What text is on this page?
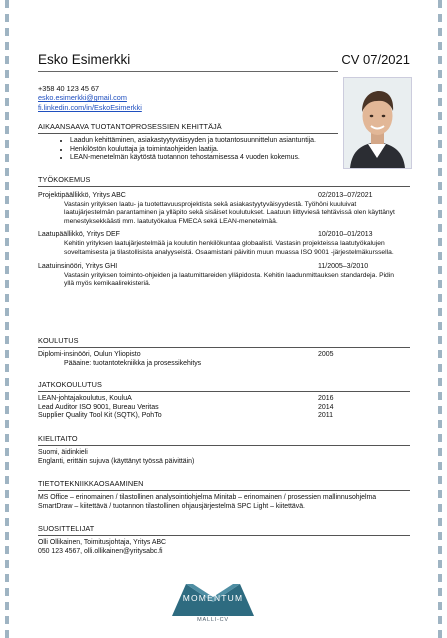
Esko Esimerkki	CV 07/2021
+358 40 123 45 67
esko.esimerkki@gmail.com
fi.linkedin.com/in/EskoEsimerkki
AIKAANSAAVA TUOTANTOPROSESSIEN KEHITTÄJÄ
• Laadun kehittäminen, asiakastyytyväisyyden ja tuotantosuunnittelun asiantuntija.
• Henkilöstön kouluttaja ja toimintaohjeiden laatija.
• LEAN-menetelmän käytöstä tuotannon tehostamisessa 4 vuoden kokemus.
TYÖKOKEMUS
Projektipäällikkö, Yritys ABC	02/2013–07/2021
Vastasin yrityksen laatu- ja tuotettavuusprojektista sekä asiakastyytyväisyydestä. Työhöni kuuluivat laatujärjestelmän parantaminen ja ylläpito sekä sisäiset koulutukset. Laatuun liittyviesä tehtävissä olen käyttänyt menestyksekkäästi mm. laatutyökalua FMECA sekä LEAN-menetelmää.
Laatupäällikkö, Yritys DEF	10/2010–01/2013
Kehitin yrityksen laatujärjestelmää ja koulutin henkilökuntaa globaalisti. Vastasin projekteissa laatutyökalujen soveltamisesta ja tilastollisista analyyseistä. Osaamistani päivitin muun muassa ISO 9001 -järjestelmäkurssella.
Laatuinsinööri, Yritys GHI	11/2005–3/2010
Vastasin yrityksen toiminto-ohjeiden ja laatumittareiden ylläpidosta. Kehitin laadunmittauksen standardeja. Pidin yllä myös kemikaalirekisteriä.
KOULUTUS
Diplomi-insinööri, Oulun Yliopisto	2005
Pääaine: tuotantotekniikka ja prosessikehitys
JATKOKOULUTUS
LEAN-johtajakoulutus, KouluA	2016
Lead Auditor ISO 9001, Bureau Veritas	2014
Supplier Quality Tool Kit (SQTK), PohTo	2011
KIELITAITO
Suomi, äidinkieli
Englanti, erittäin sujuva (käyttänyt työssä päivittäin)
TIETOTEKNIIKKAOSAAMINEN
MS Office – erinomainen / tilastollinen analysointiohjelma Minitab – erinomainen / prosessien mallinnusohjelma
SmartDraw – kiitettävä / tuotannon tilastollinen ohjausjärjestelmä SPC Light – kiitettävä.
SUOSITTELIJAT
Olli Ollikainen, Toimitusjohtaja, Yritys ABC
050 123 4567, olli.ollikainen@yritysabc.fi
MOMENTUM
MALLI-CV
